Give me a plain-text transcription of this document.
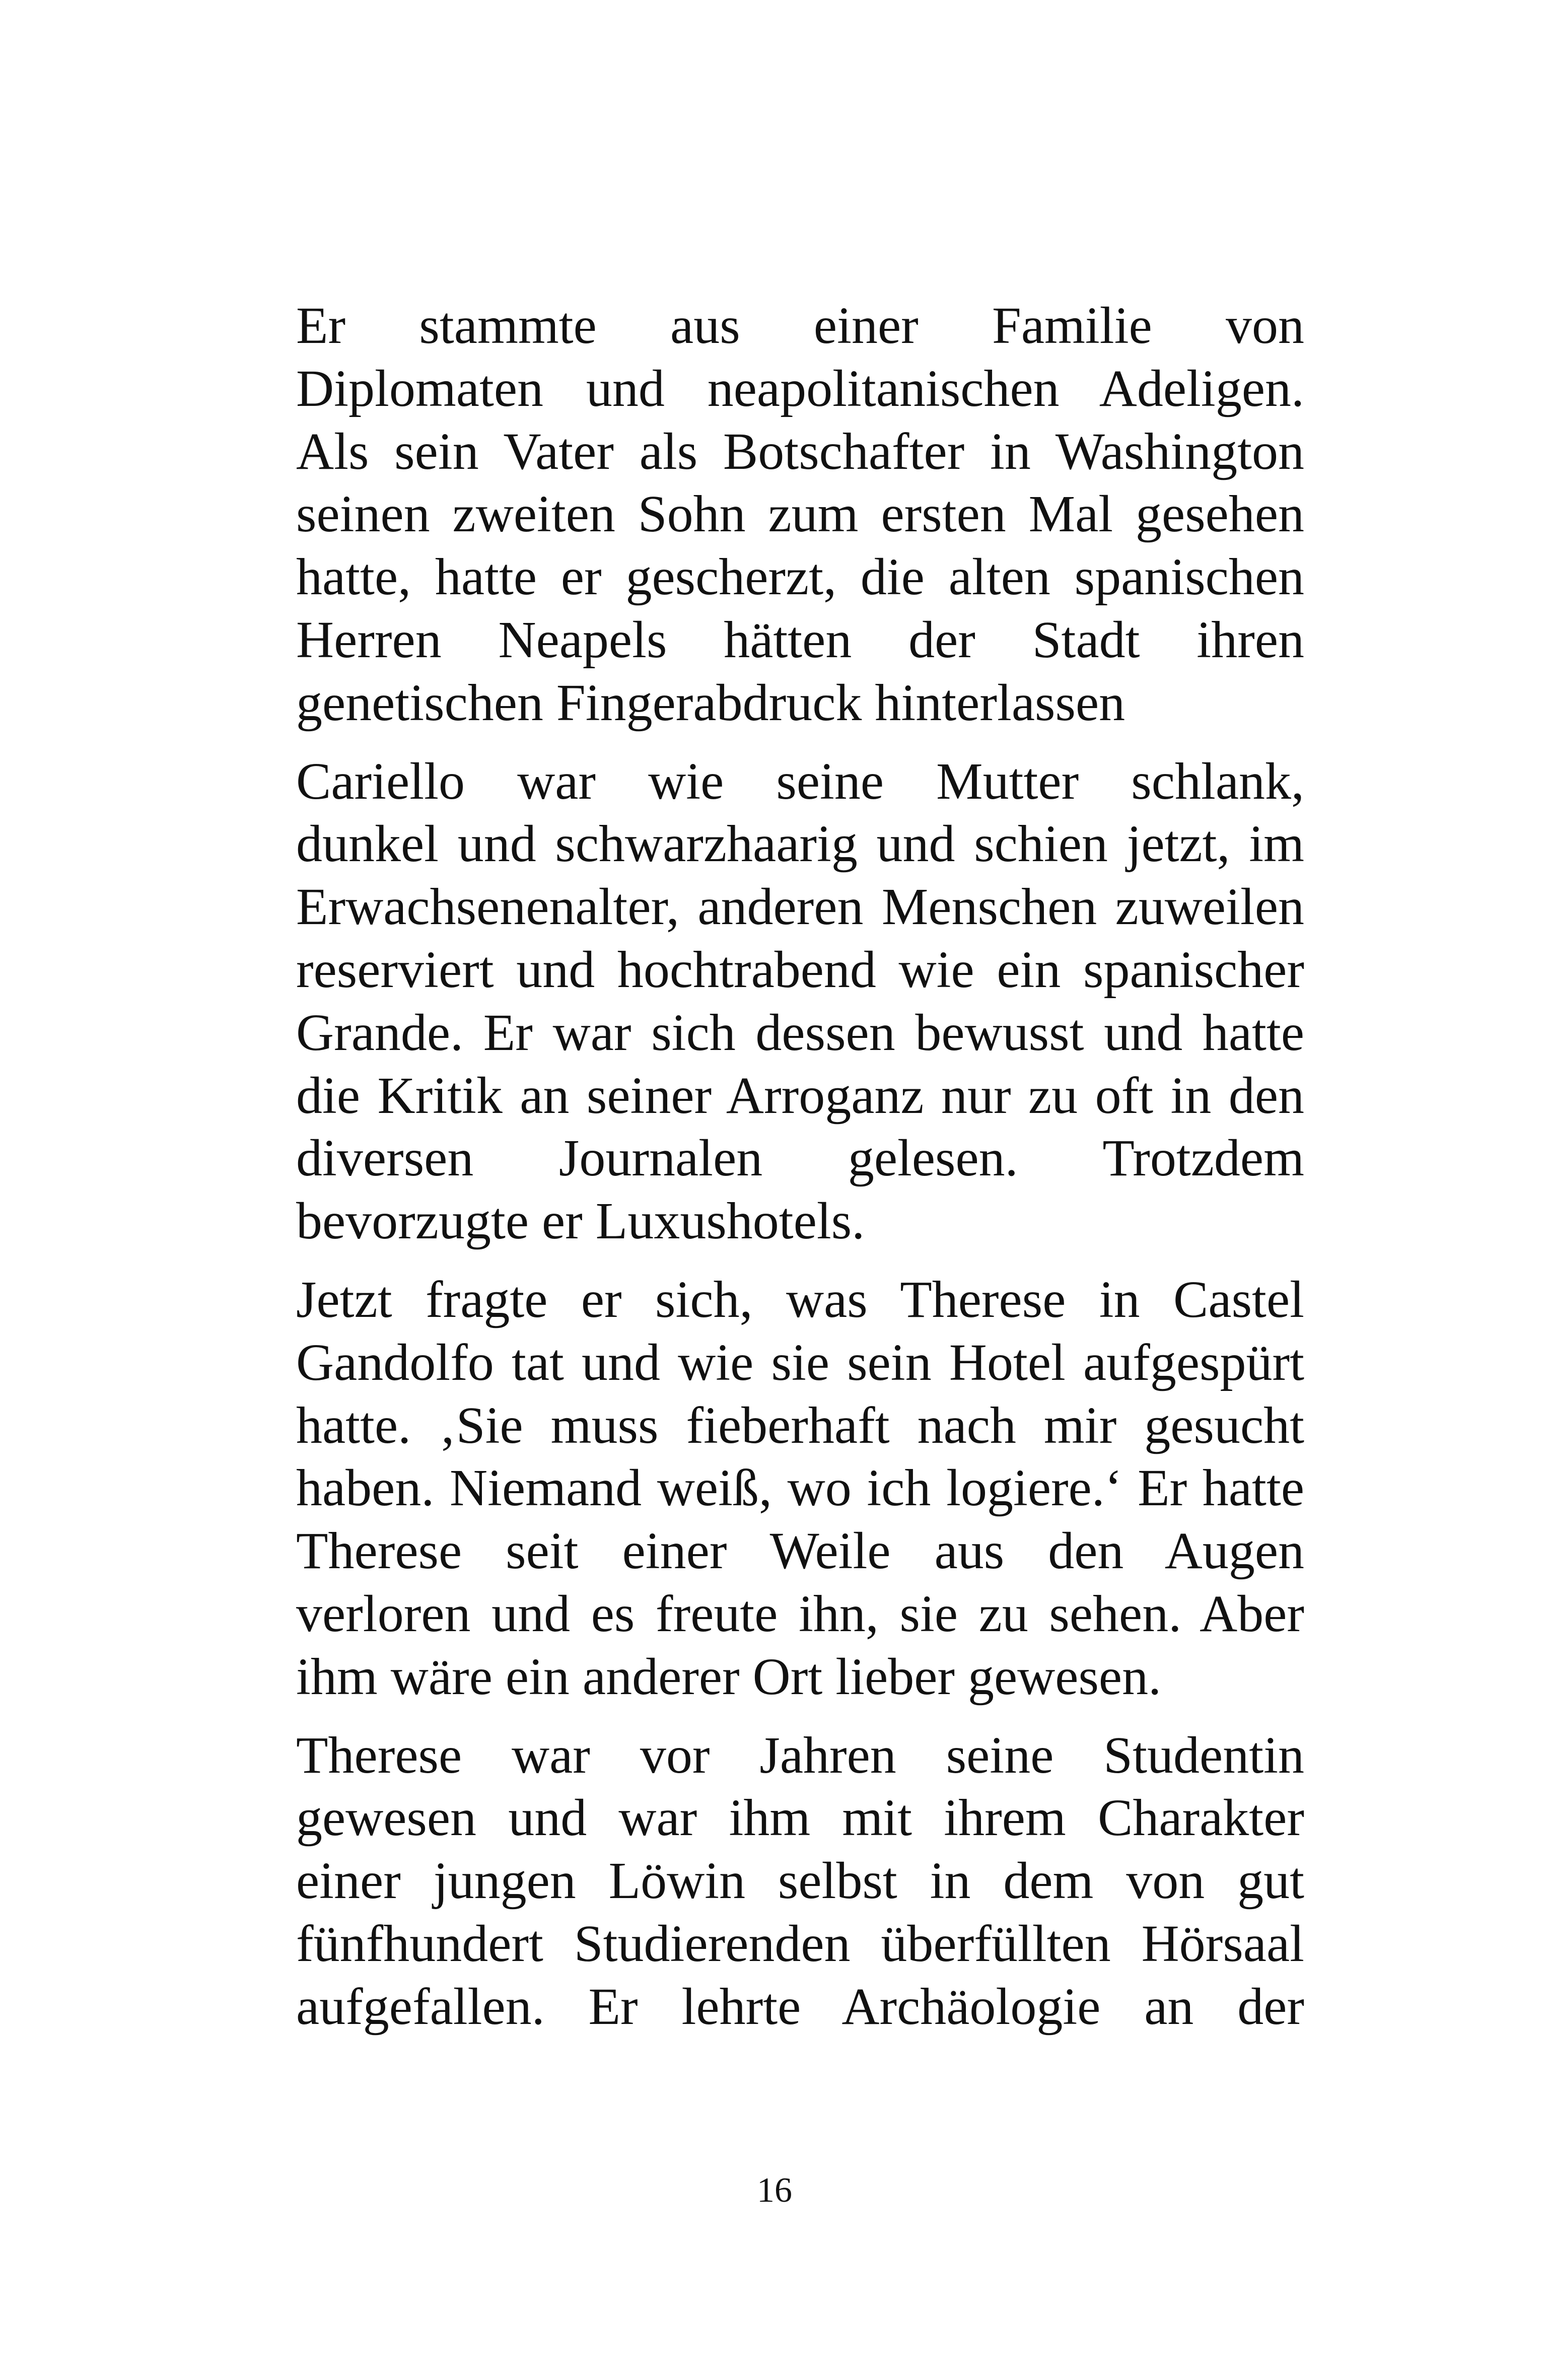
Er stammte aus einer Familie von
Diplomaten und neapolitanischen Adeligen.
Als sein Vater als Botschafter in Washington
seinen zweiten Sohn zum ersten Mal gesehen
hatte, hatte er gescherzt, die alten spanischen
Herren Neapels hätten der Stadt ihren
genetischen Fingerabdruck hinterlassen

Cariello war wie seine Mutter schlank,
dunkel und schwarzhaarig und schien jetzt, im
Erwachsenenalter, anderen Menschen zuweilen
reserviert und hochtrabend wie ein spanischer
Grande. Er war sich dessen bewusst und hatte
die Kritik an seiner Arroganz nur zu oft in den
diversen Journalen gelesen. Trotzdem
bevorzugte er Luxushotels.

Jetzt fragte er sich, was Therese in Castel
Gandolfo tat und wie sie sein Hotel aufgespürt
hatte. ‚Sie muss fieberhaft nach mir gesucht
haben. Niemand weiß, wo ich logiere.‘ Er hatte
Therese seit einer Weile aus den Augen
verloren und es freute ihn, sie zu sehen. Aber
ihm wäre ein anderer Ort lieber gewesen.

Therese war vor Jahren seine Studentin
gewesen und war ihm mit ihrem Charakter
einer jungen Löwin selbst in dem von gut
fünfhundert Studierenden überfüllten Hörsaal
aufgefallen. Er lehrte Archäologie an der

16
